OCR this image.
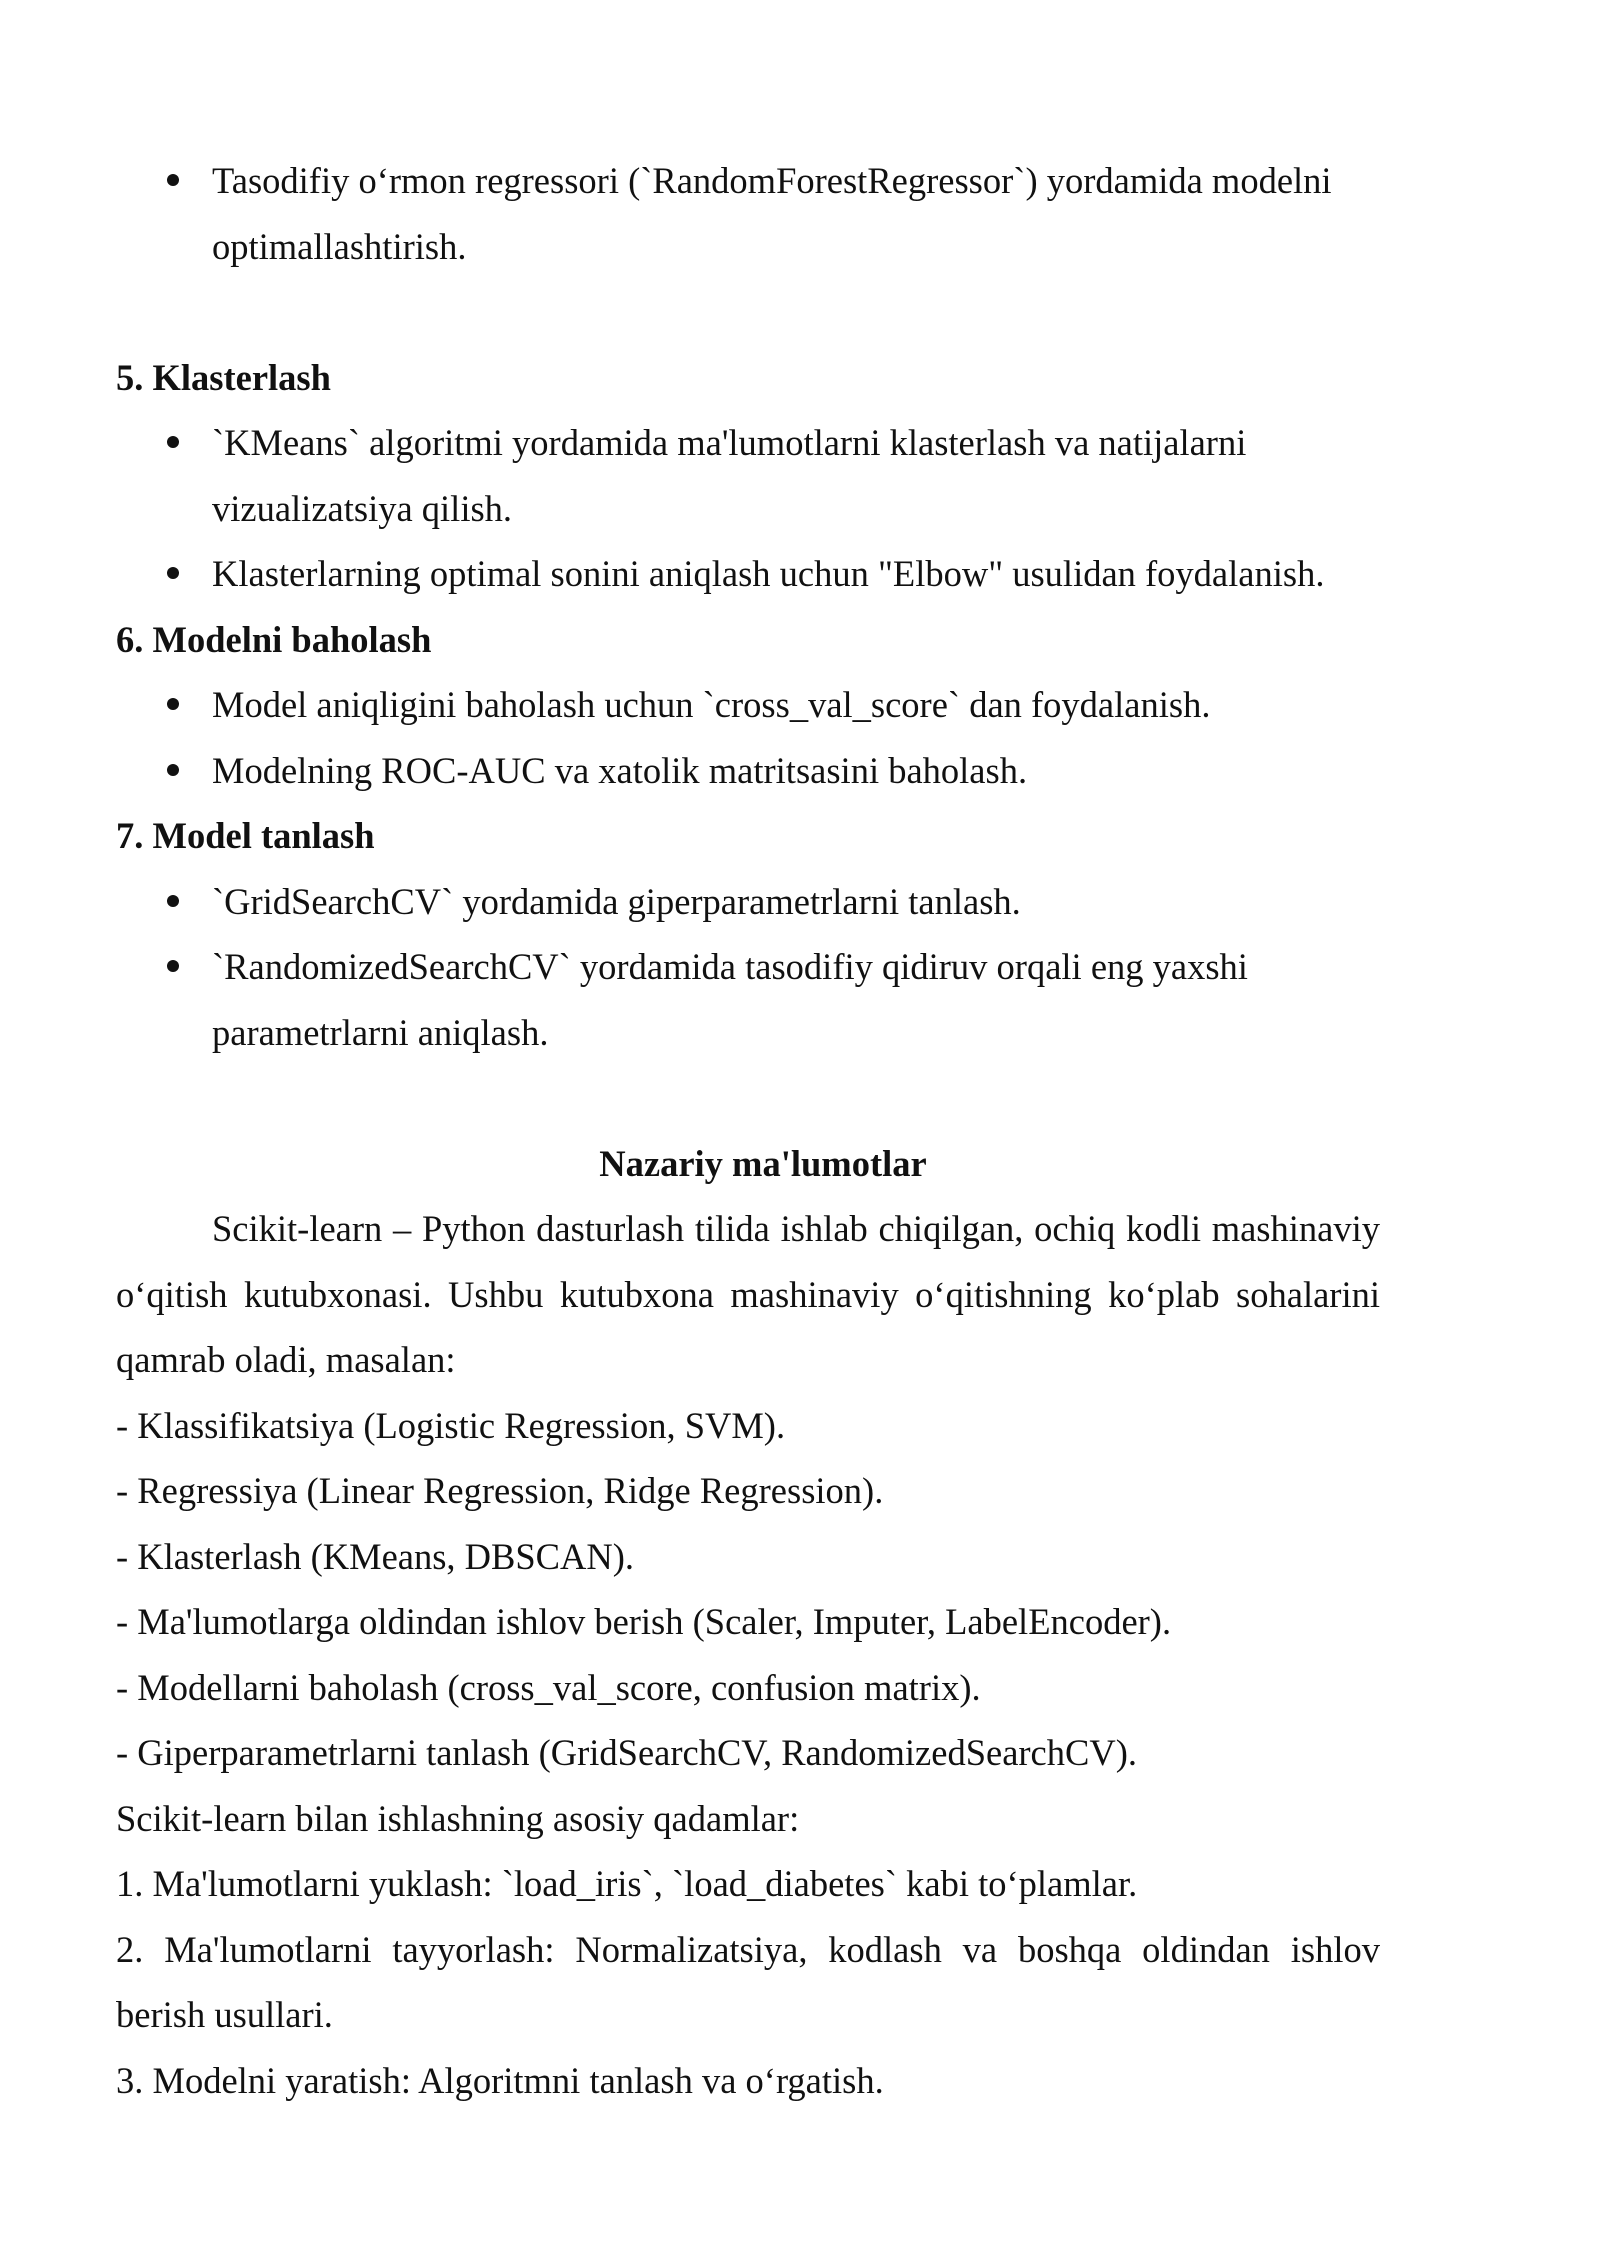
Tasodifiy o‘rmon regressori (`RandomForestRegressor`) yordamida modelni optimallashtirish.

5. Klasterlash

`KMeans` algoritmi yordamida ma'lumotlarni klasterlash va natijalarni vizualizatsiya qilish.

Klasterlarning optimal sonini aniqlash uchun "Elbow" usulidan foydalanish.

6. Modelni baholash

Model aniqligini baholash uchun `cross_val_score` dan foydalanish.

Modelning ROC-AUC va xatolik matritsasini baholash.

7. Model tanlash

`GridSearchCV` yordamida giperparametrlarni tanlash.

`RandomizedSearchCV` yordamida tasodifiy qidiruv orqali eng yaxshi parametrlarni aniqlash.

Nazariy ma'lumotlar

Scikit-learn – Python dasturlash tilida ishlab chiqilgan, ochiq kodli mashinaviy o‘qitish kutubxonasi. Ushbu kutubxona mashinaviy o‘qitishning ko‘plab sohalarini qamrab oladi, masalan:

- Klassifikatsiya (Logistic Regression, SVM).

- Regressiya (Linear Regression, Ridge Regression).

- Klasterlash (KMeans, DBSCAN).

- Ma'lumotlarga oldindan ishlov berish (Scaler, Imputer, LabelEncoder).

- Modellarni baholash (cross_val_score, confusion matrix).

- Giperparametrlarni tanlash (GridSearchCV, RandomizedSearchCV).

Scikit-learn bilan ishlashning asosiy qadamlar:

1. Ma'lumotlarni yuklash: `load_iris`, `load_diabetes` kabi to‘plamlar.

2. Ma'lumotlarni tayyorlash: Normalizatsiya, kodlash va boshqa oldindan ishlov berish usullari.

3. Modelni yaratish: Algoritmni tanlash va o‘rgatish.
